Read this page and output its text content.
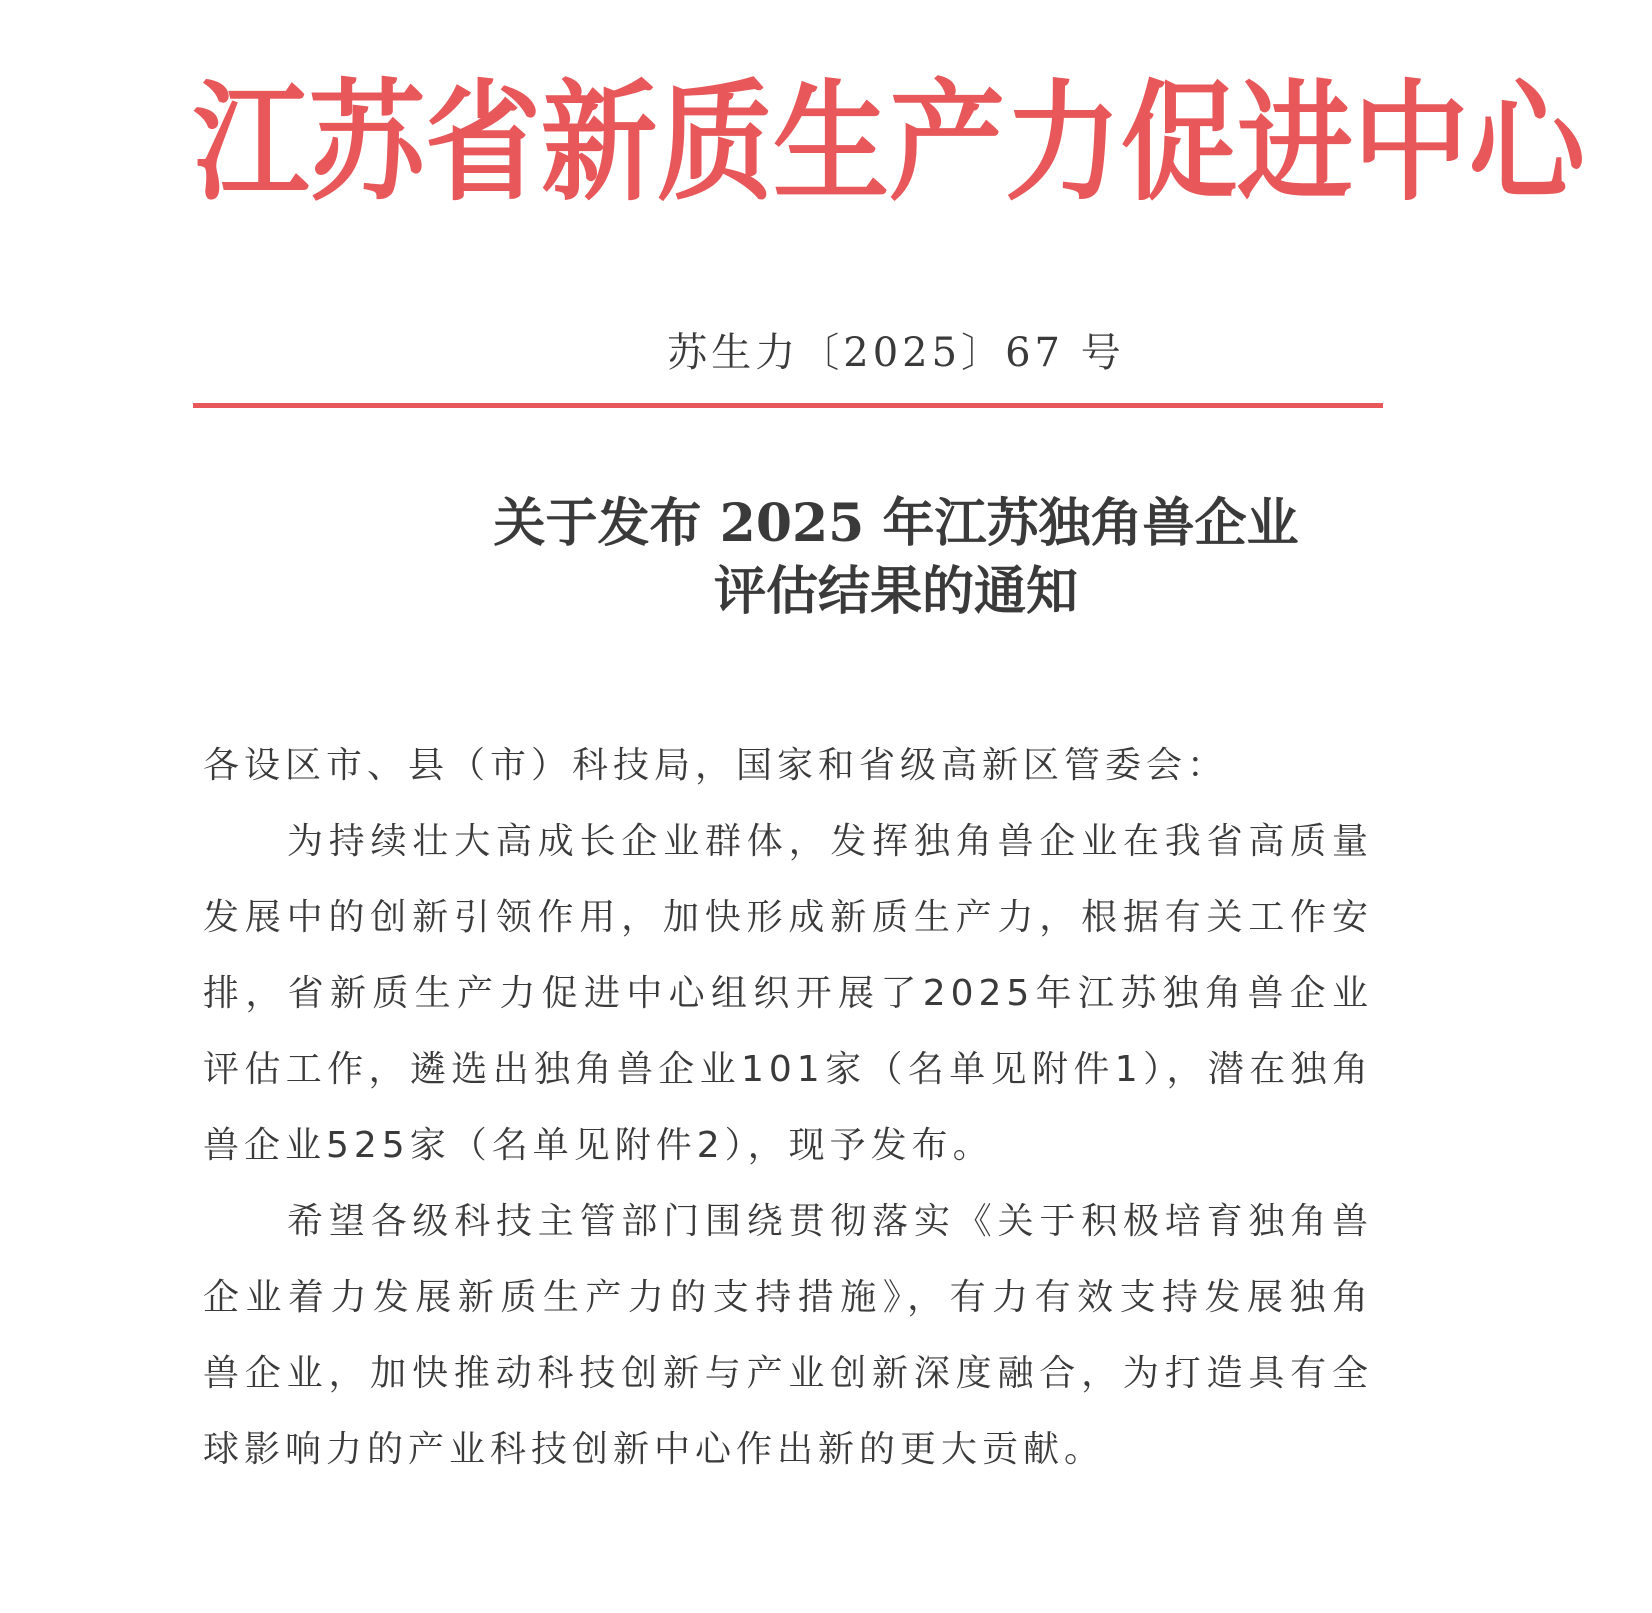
江 苏 省 新 质 生 产 力 促 进 中 心
苏生力〔2025〕67 号
关于发布 2025 年江苏独角兽企业
评估结果的通知

各设区市、县（市）科技局，国家和省级高新区管委会：

为持续壮大高成长企业群体，发挥独角兽企业在我省高质量发展中的创新引领作用，加快形成新质生产力，根据有关工作安排，省新质生产力促进中心组织开展了2025年江苏独角兽企业评估工作，遴选出独角兽企业101家（名单见附件1），潜在独角兽企业525家（名单见附件2），现予发布。

希望各级科技主管部门围绕贯彻落实《关于积极培育独角兽企业着力发展新质生产力的支持措施》，有力有效支持发展独角兽企业，加快推动科技创新与产业创新深度融合，为打造具有全球影响力的产业科技创新中心作出新的更大贡献。
